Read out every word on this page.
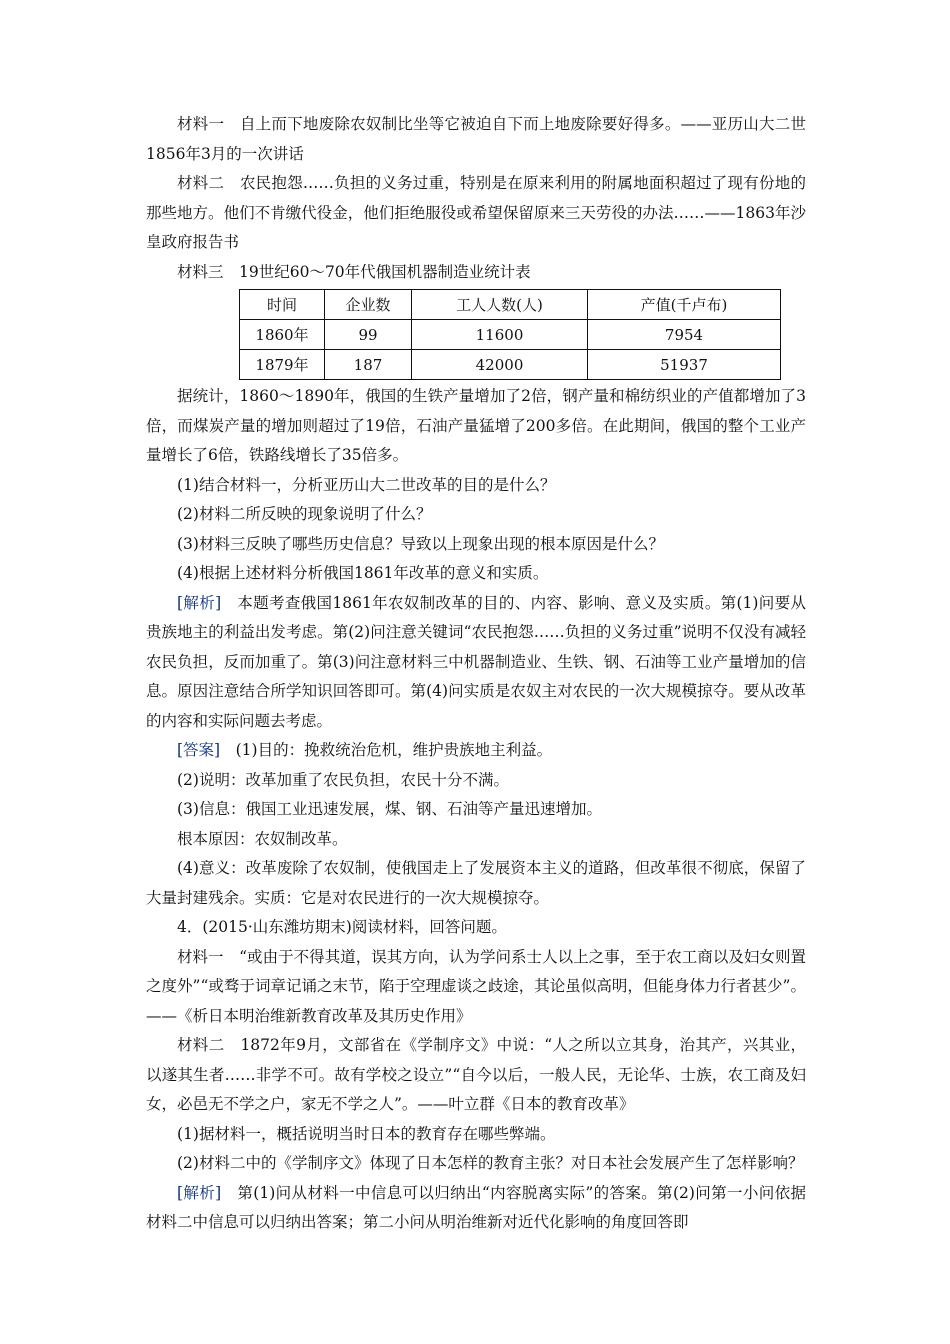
材料一　自上而下地废除农奴制比坐等它被迫自下而上地废除要好得多。——亚历山大二世1856年3月的一次讲话

材料二　农民抱怨……负担的义务过重，特别是在原来利用的附属地面积超过了现有份地的那些地方。他们不肯缴代役金，他们拒绝服役或希望保留原来三天劳役的办法……——1863年沙皇政府报告书

材料三　19世纪60～70年代俄国机器制造业统计表

时间	企业数	工人人数(人)	产值(千卢布)
1860年	99	11600	7954
1879年	187	42000	51937

据统计，1860～1890年，俄国的生铁产量增加了2倍，钢产量和棉纺织业的产值都增加了3倍，而煤炭产量的增加则超过了19倍，石油产量猛增了200多倍。在此期间，俄国的整个工业产量增长了6倍，铁路线增长了35倍多。

(1)结合材料一，分析亚历山大二世改革的目的是什么？

(2)材料二所反映的现象说明了什么？

(3)材料三反映了哪些历史信息？导致以上现象出现的根本原因是什么？

(4)根据上述材料分析俄国1861年改革的意义和实质。

[解析]　本题考查俄国1861年农奴制改革的目的、内容、影响、意义及实质。第(1)问要从贵族地主的利益出发考虑。第(2)问注意关键词“农民抱怨……负担的义务过重”说明不仅没有减轻农民负担，反而加重了。第(3)问注意材料三中机器制造业、生铁、钢、石油等工业产量增加的信息。原因注意结合所学知识回答即可。第(4)问实质是农奴主对农民的一次大规模掠夺。要从改革的内容和实际问题去考虑。

[答案]　(1)目的：挽救统治危机，维护贵族地主利益。

(2)说明：改革加重了农民负担，农民十分不满。

(3)信息：俄国工业迅速发展，煤、钢、石油等产量迅速增加。

根本原因：农奴制改革。

(4)意义：改革废除了农奴制，使俄国走上了发展资本主义的道路，但改革很不彻底，保留了大量封建残余。实质：它是对农民进行的一次大规模掠夺。

4．(2015·山东潍坊期末)阅读材料，回答问题。

材料一　“或由于不得其道，误其方向，认为学问系士人以上之事，至于农工商以及妇女则置之度外”“或骛于词章记诵之末节，陷于空理虚谈之歧途，其论虽似高明，但能身体力行者甚少”。——《析日本明治维新教育改革及其历史作用》

材料二　1872年9月，文部省在《学制序文》中说：“人之所以立其身，治其产，兴其业，以遂其生者……非学不可。故有学校之设立”“自今以后，一般人民，无论华、士族，农工商及妇女，必邑无不学之户，家无不学之人”。——叶立群《日本的教育改革》

(1)据材料一，概括说明当时日本的教育存在哪些弊端。

(2)材料二中的《学制序文》体现了日本怎样的教育主张？对日本社会发展产生了怎样影响？

[解析]　第(1)问从材料一中信息可以归纳出“内容脱离实际”的答案。第(2)问第一小问依据材料二中信息可以归纳出答案；第二小问从明治维新对近代化影响的角度回答即
